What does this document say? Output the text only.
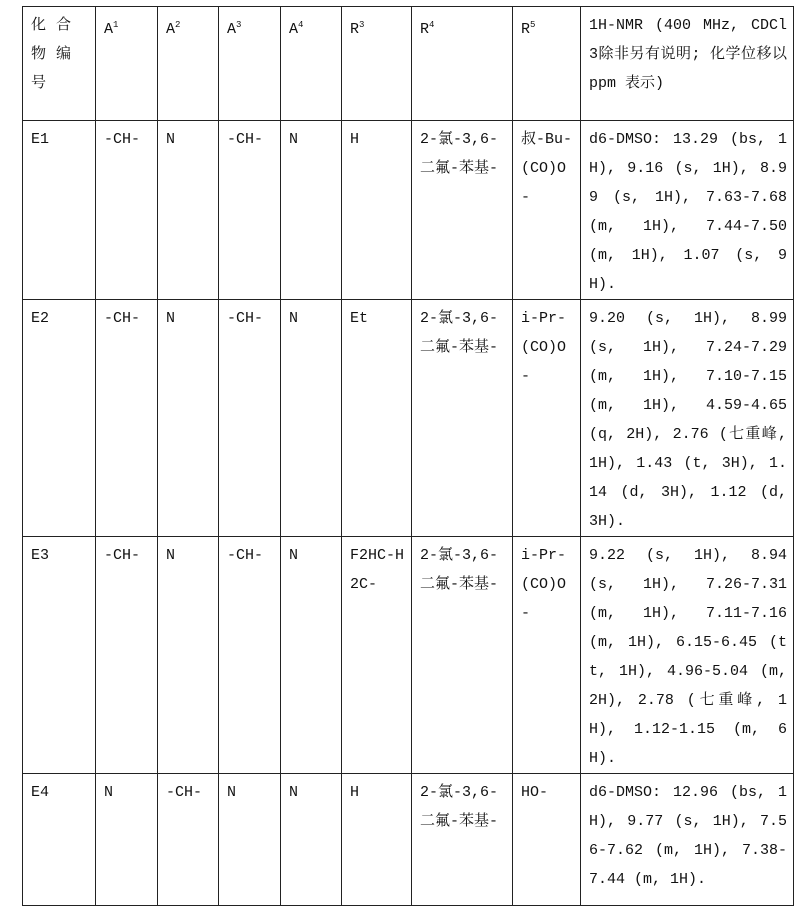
化合物编号	A1	A2	A3	A4	R3	R4	R5	1H-NMR (400 MHz, CDCl3除非另有说明; 化学位移以 ppm 表示)
E1	-CH-	N	-CH-	N	H	2-氯-3,6-二氟-苯基-	叔-Bu-(CO)O-	d6-DMSO: 13.29 (bs, 1H), 9.16 (s, 1H), 8.99 (s, 1H), 7.63-7.68 (m, 1H), 7.44-7.50 (m, 1H), 1.07 (s, 9H).
E2	-CH-	N	-CH-	N	Et	2-氯-3,6-二氟-苯基-	i-Pr-(CO)O-	9.20 (s, 1H), 8.99 (s, 1H), 7.24-7.29 (m, 1H), 7.10-7.15 (m, 1H), 4.59-4.65 (q, 2H), 2.76 (七重峰, 1H), 1.43 (t, 3H), 1.14 (d, 3H), 1.12 (d, 3H).
E3	-CH-	N	-CH-	N	F2HC-H2C-	2-氯-3,6-二氟-苯基-	i-Pr-(CO)O-	9.22 (s, 1H), 8.94 (s, 1H), 7.26-7.31 (m, 1H), 7.11-7.16 (m, 1H), 6.15-6.45 (tt, 1H), 4.96-5.04 (m, 2H), 2.78 (七重峰, 1H), 1.12-1.15 (m, 6H).
E4	N	-CH-	N	N	H	2-氯-3,6-二氟-苯基-	HO-	d6-DMSO: 12.96 (bs, 1H), 9.77 (s, 1H), 7.56-7.62 (m, 1H), 7.38-7.44 (m, 1H).
